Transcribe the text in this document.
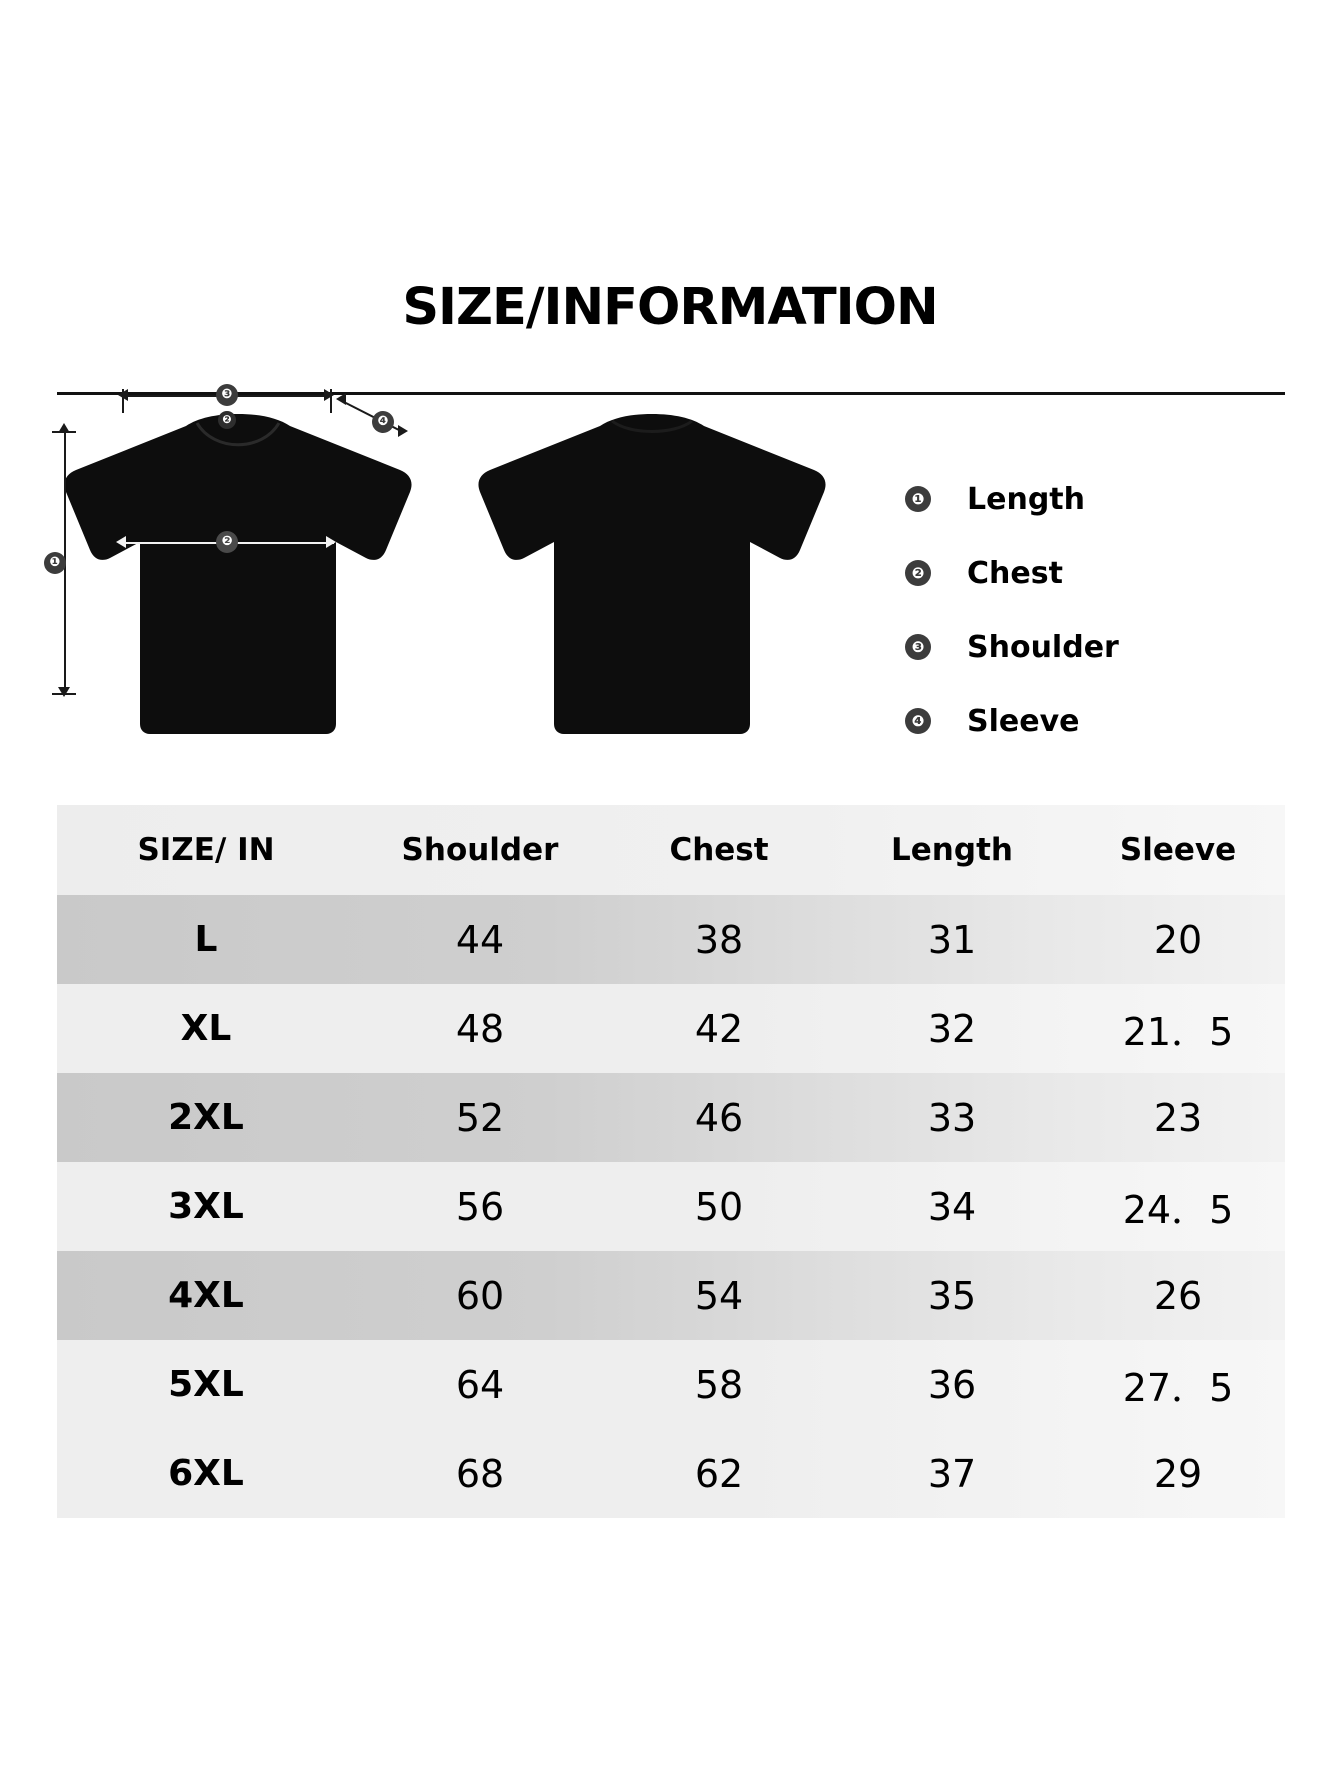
SIZE/INFORMATION
❸
❹
❷
❷
❶
❶ Length
❷ Chest
❸ Shoulder
❹ Sleeve
SIZE/ IN	Shoulder	Chest	Length	Sleeve
L	44	38	31	20
XL	48	42	32	21．5
2XL	52	46	33	23
3XL	56	50	34	24．5
4XL	60	54	35	26
5XL	64	58	36	27．5
6XL	68	62	37	29
